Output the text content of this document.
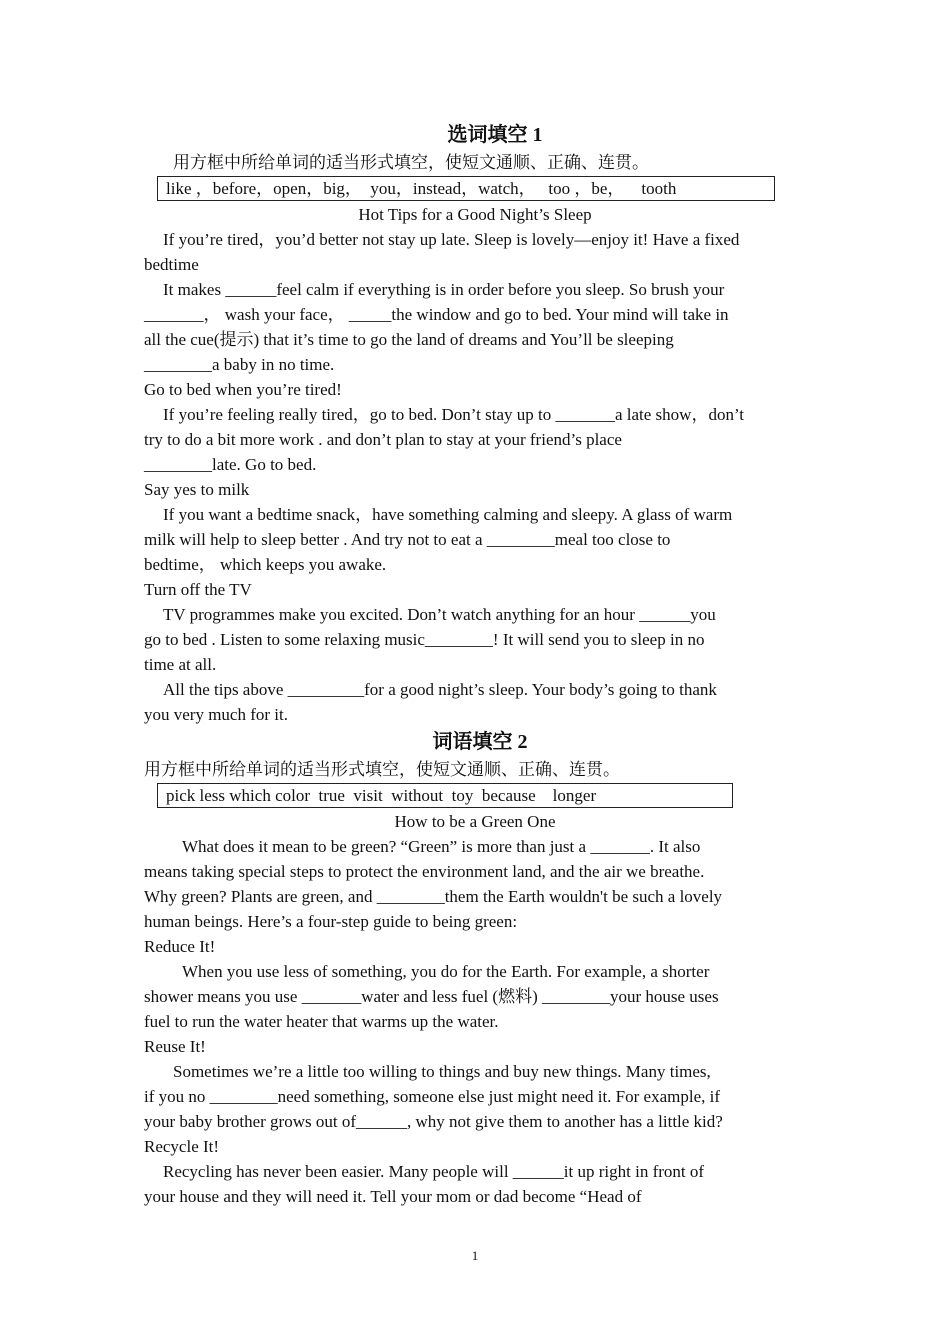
选词填空 1
用方框中所给单词的适当形式填空，使短文通顺、正确、连贯。
like ，before，open，big，  you，instead，watch，   too ，be，    tooth
Hot Tips for a Good Night’s Sleep
If you’re tired，you’d better not stay up late. Sleep is lovely—enjoy it! Have a fixed
bedtime
It makes ______feel calm if everything is in order before you sleep. So brush your
_______， wash your face， _____the window and go to bed. Your mind will take in
all the cue(提示) that it’s time to go the land of dreams and You’ll be sleeping
________a baby in no time.
Go to bed when you’re tired!
If you’re feeling really tired，go to bed. Don’t stay up to _______a late show，don’t
try to do a bit more work . and don’t plan to stay at your friend’s place
________late. Go to bed.
Say yes to milk
If you want a bedtime snack，have something calming and sleepy. A glass of warm
milk will help to sleep better . And try not to eat a ________meal too close to
bedtime， which keeps you awake.
Turn off the TV
TV programmes make you excited. Don’t watch anything for an hour ______you
go to bed . Listen to some relaxing music________! It will send you to sleep in no
time at all.
All the tips above _________for a good night’s sleep. Your body’s going to thank
you very much for it.
词语填空 2
用方框中所给单词的适当形式填空，使短文通顺、正确、连贯。
pick less which color  true  visit  without  toy  because    longer
How to be a Green One
What does it mean to be green? “Green” is more than just a _______. It also
means taking special steps to protect the environment land, and the air we breathe.
Why green? Plants are green, and ________them the Earth wouldn't be such a lovely
human beings. Here’s a four-step guide to being green:
Reduce It!
When you use less of something, you do for the Earth. For example, a shorter
shower means you use _______water and less fuel (燃料) ________your house uses
fuel to run the water heater that warms up the water.
Reuse It!
Sometimes we’re a little too willing to things and buy new things. Many times,
if you no ________need something, someone else just might need it. For example, if
your baby brother grows out of______, why not give them to another has a little kid?
Recycle It!
Recycling has never been easier. Many people will ______it up right in front of
your house and they will need it. Tell your mom or dad become “Head of
1
